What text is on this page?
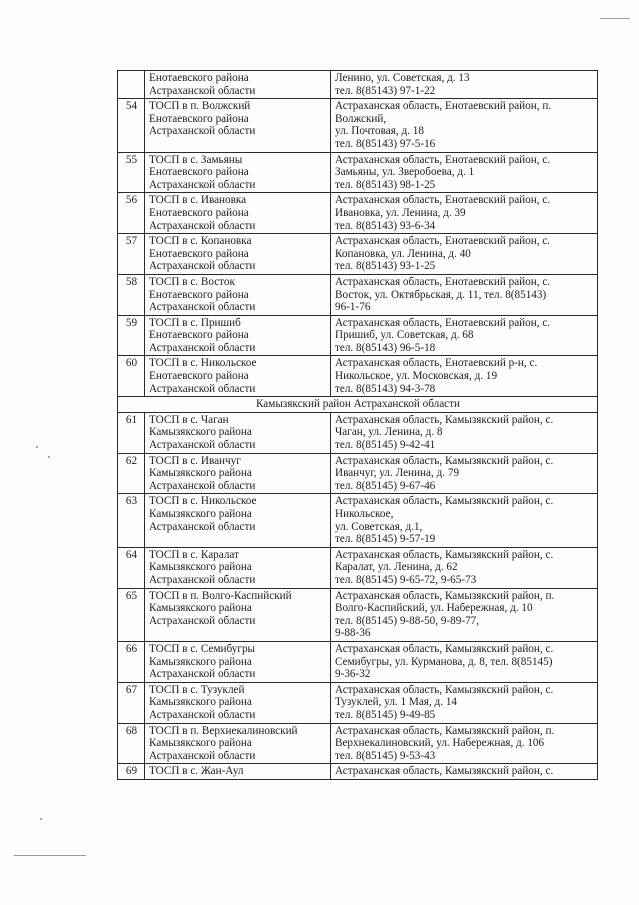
	Енотаевского района
Астраханской области	Ленино, ул. Советская, д. 13
тел. 8(85143) 97-1-22

54	ТОСП в п. Волжский
Енотаевского района
Астраханской области	Астраханская область, Енотаевский район, п.
Волжский,
ул. Почтовая, д. 18
тел. 8(85143) 97-5-16

55	ТОСП в с. Замьяны
Енотаевского района
Астраханской области	Астраханская область, Енотаевский район, с.
Замьяны, ул. Зверобоева, д. 1
тел. 8(85143) 98-1-25

56	ТОСП в с. Ивановка
Енотаевского района
Астраханской области	Астраханская область, Енотаевский район, с.
Ивановка, ул. Ленина, д. 39
тел. 8(85143) 93-6-34

57	ТОСП в с. Копановка
Енотаевского района
Астраханской области	Астраханская область, Енотаевский район, с.
Копановка, ул. Ленина, д. 40
тел. 8(85143) 93-1-25

58	ТОСП в с. Восток
Енотаевского района
Астраханской области	Астраханская область, Енотаевский район, с.
Восток, ул. Октябрьская, д. 11, тел. 8(85143)
96-1-76

59	ТОСП в с. Пришиб
Енотаевского района
Астраханской области	Астраханская область, Енотаевский район, с.
Пришиб, ул. Советская, д. 68
тел. 8(85143) 96-5-18

60	ТОСП в с. Никольское
Енотаевского района
Астраханской области	Астраханская область, Енотаевский р-н, с.
Никольское, ул. Московская, д. 19
тел. 8(85143) 94-3-78

Камызякский район Астраханской области		
61	ТОСП в с. Чаган
Камызякского района
Астраханской области	Астраханская область, Камызякский район, с.
Чаган, ул. Ленина, д. 8
тел. 8(85145) 9-42-41

62	ТОСП в с. Иванчуг
Камызякского района
Астраханской области	Астраханская область, Камызякский район, с.
Иванчуг, ул. Ленина, д. 79
тел. 8(85145) 9-67-46

63	ТОСП в с. Никольское
Камызякского района
Астраханской области	Астраханская область, Камызякский район, с.
Никольское,
ул. Советская, д.1,
тел. 8(85145) 9-57-19

64	ТОСП в с. Каралат
Камызякского района
Астраханской области	Астраханская область, Камызякский район, с.
Каралат, ул. Ленина, д. 62
тел. 8(85145) 9-65-72, 9-65-73

65	ТОСП в п. Волго-Каспийский
Камызякского района
Астраханской области	Астраханская область, Камызякский район, п.
Волго-Каспийский, ул. Набережная, д. 10
тел. 8(85145) 9-88-50, 9-89-77,
9-88-36

66	ТОСП в с. Семибугры
Камызякского района
Астраханской области	Астраханская область, Камызякский район, с.
Семибугры, ул. Курманова, д. 8, тел. 8(85145)
9-36-32

67	ТОСП в с. Тузуклей
Камызякского района
Астраханской области	Астраханская область, Камызякский район, с.
Тузуклей, ул. 1 Мая, д. 14
тел. 8(85145) 9-49-85

68	ТОСП в п. Верхнекалиновский
Камызякского района
Астраханской области	Астраханская область, Камызякский район, п.
Верхнекалиновский, ул. Набережная, д. 106
тел. 8(85145) 9-53-43

69	ТОСП в с. Жан-Аул	Астраханская область, Камызякский район, с.
